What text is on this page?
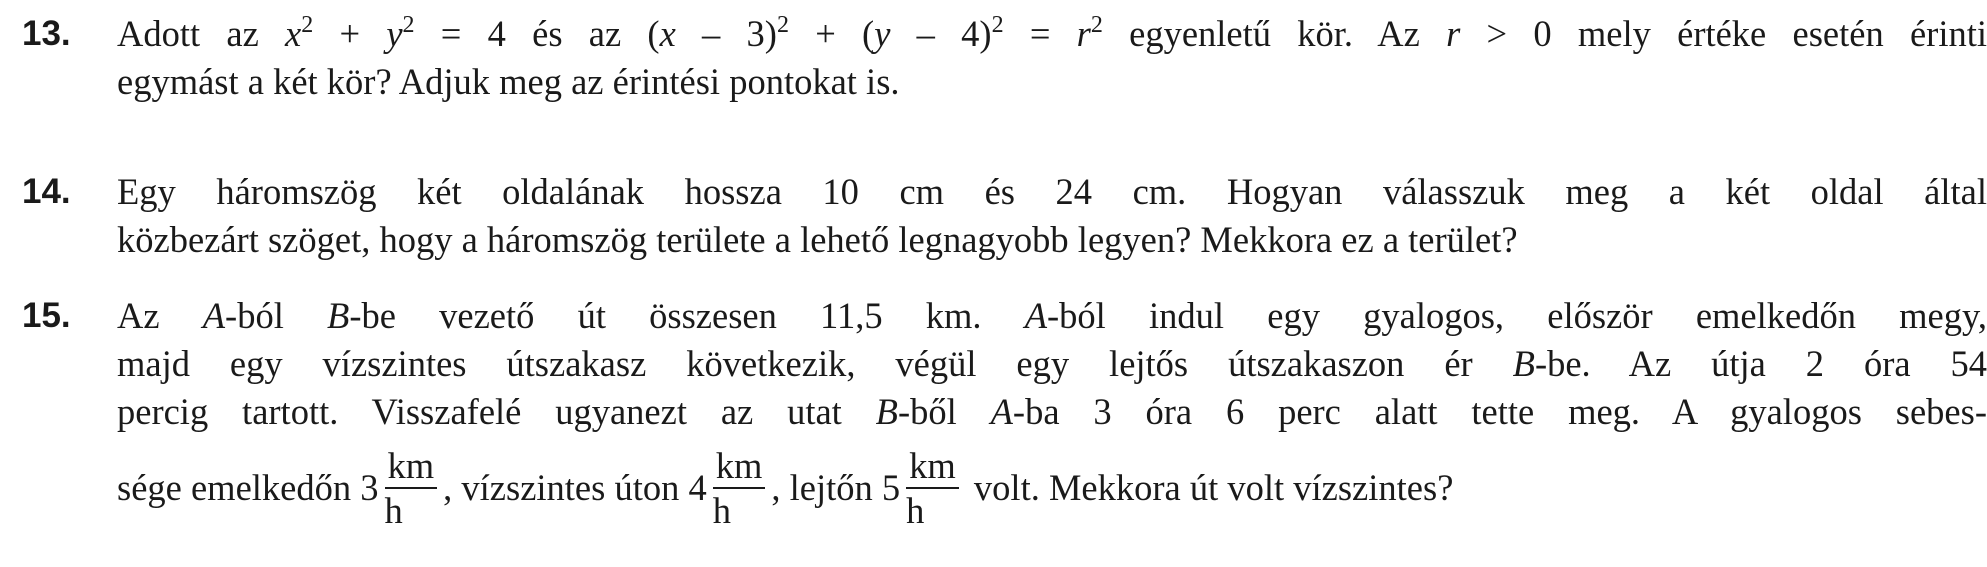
13. Adott az $x^2 + y^2 = 4$ és az $(x - 3)^2 + (y - 4)^2 = r^2$ egyenletű kör. Az r > 0 mely értéke esetén érinti
egymást a két kör? Adjuk meg az érintési pontokat is.
14. Egy háromszög két oldalának hossza 10 cm és 24 cm. Hogyan válasszuk meg a két oldal által
közbezárt szöget, hogy a háromszög területe a lehető legnagyobb legyen? Mekkora ez a terület?
15. Az A-ból B-be vezető út összesen 11,5 km. A-ból indul egy gyalogos, először emelkedőn megy,
majd egy vízszintes útszakasz következik, végül egy lejtős útszakaszon ér B-be. Az útja 2 óra 54
percig tartott. Visszafelé ugyanezt az utat B-ből A-ba 3 óra 6 perc alatt tette meg. A gyalogos sebes-
sége emelkedőn $3 \frac{km}{h}$ , vízszintes úton $4 \frac{km}{h}$ , lejtőn $5 \frac{km}{h}$ volt. Mekkora út volt vízszintes?
